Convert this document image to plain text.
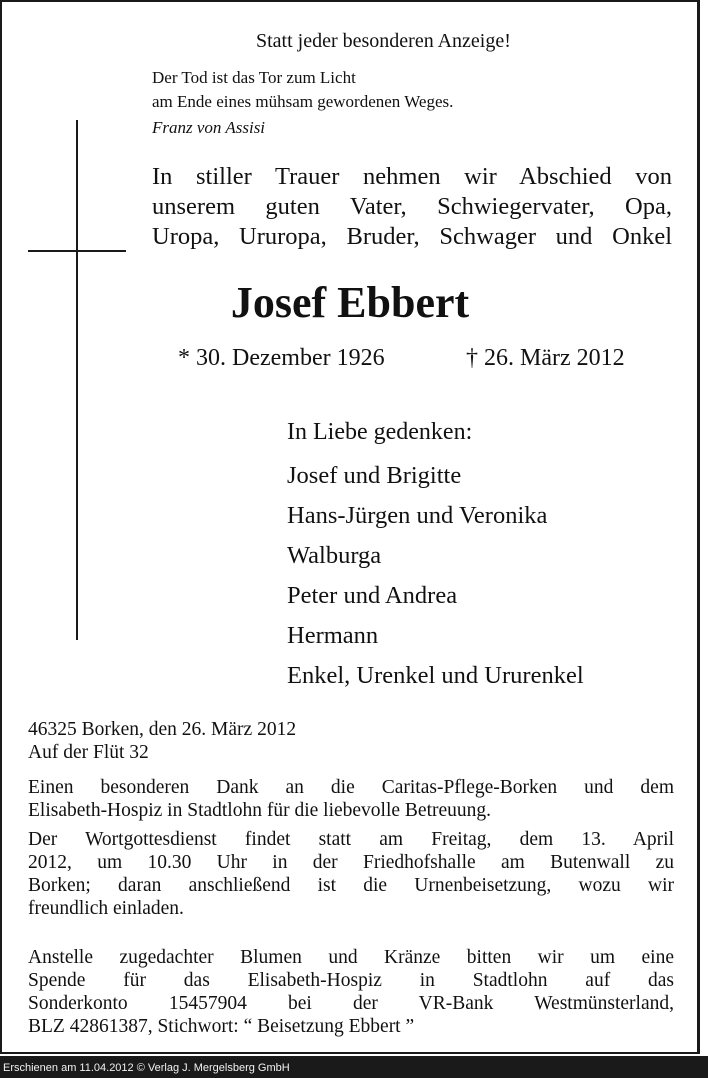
Statt jeder besonderen Anzeige!
Der Tod ist das Tor zum Licht
am Ende eines mühsam gewordenen Weges.
Franz von Assisi
In stiller Trauer nehmen wir Abschied von
unserem guten Vater, Schwiegervater, Opa,
Uropa, Ururopa, Bruder, Schwager und Onkel
Josef Ebbert
* 30. Dezember 1926	† 26. März 2012
In Liebe gedenken:
Josef und Brigitte
Hans-Jürgen und Veronika
Walburga
Peter und Andrea
Hermann
Enkel, Urenkel und Ururenkel
46325 Borken, den 26. März 2012
Auf der Flüt 32
Einen besonderen Dank an die Caritas-Pflege-Borken und dem
Elisabeth-Hospiz in Stadtlohn für die liebevolle Betreuung.
Der Wortgottesdienst findet statt am Freitag, dem 13. April
2012, um 10.30 Uhr in der Friedhofshalle am Butenwall zu
Borken; daran anschließend ist die Urnenbeisetzung, wozu wir
freundlich einladen.
Anstelle zugedachter Blumen und Kränze bitten wir um eine
Spende für das Elisabeth-Hospiz in Stadtlohn auf das
Sonderkonto 15457904 bei der VR-Bank Westmünsterland,
BLZ 42861387, Stichwort: “ Beisetzung Ebbert ”
Erschienen am 11.04.2012 © Verlag J. Mergelsberg GmbH
